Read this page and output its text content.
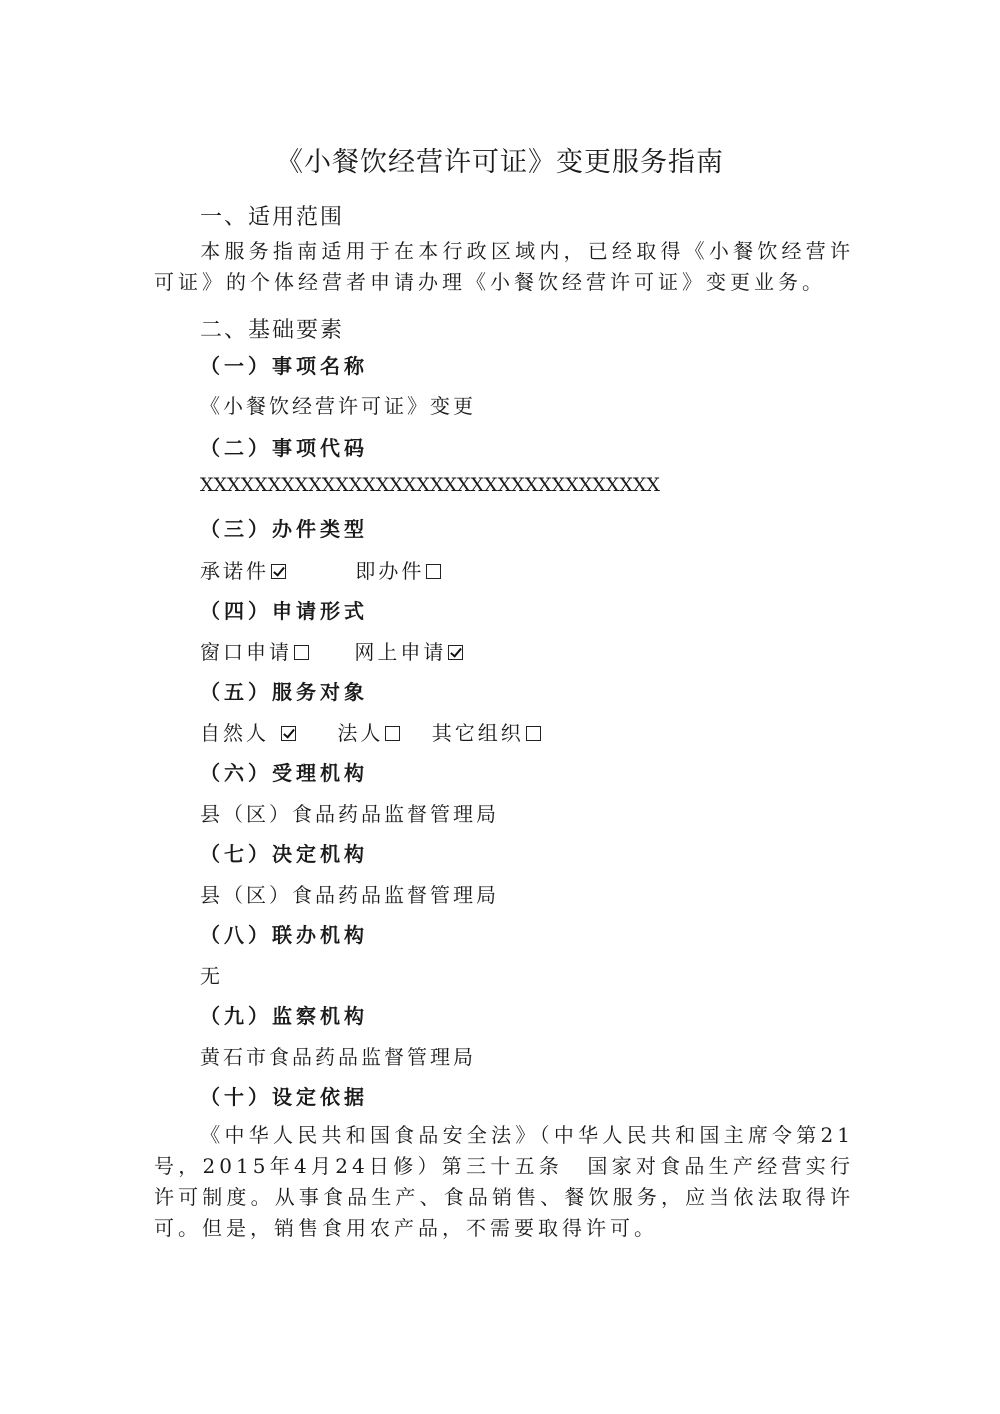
《小餐饮经营许可证》变更服务指南
一、适用范围
本服务指南适用于在本行政区域内，已经取得《小餐饮经营许可证》的个体经营者申请办理《小餐饮经营许可证》变更业务。
二、基础要素
（一）事项名称
《小餐饮经营许可证》变更
（二）事项代码
XXXXXXXXXXXXXXXXXXXXXXXXXXXXXXXXXX
（三）办件类型
承诺件	即办件
（四）申请形式
窗口申请	网上申请
（五）服务对象
自然人	法人 其它组织
（六）受理机构
县（区）食品药品监督管理局
（七）决定机构
县（区）食品药品监督管理局
（八）联办机构
无
（九）监察机构
黄石市食品药品监督管理局
（十）设定依据
《中华人民共和国食品安全法》（中华人民共和国主席令第21号，2015年4月24日修）第三十五条　国家对食品生产经营实行许可制度。从事食品生产、食品销售、餐饮服务，应当依法取得许可。但是，销售食用农产品，不需要取得许可。
